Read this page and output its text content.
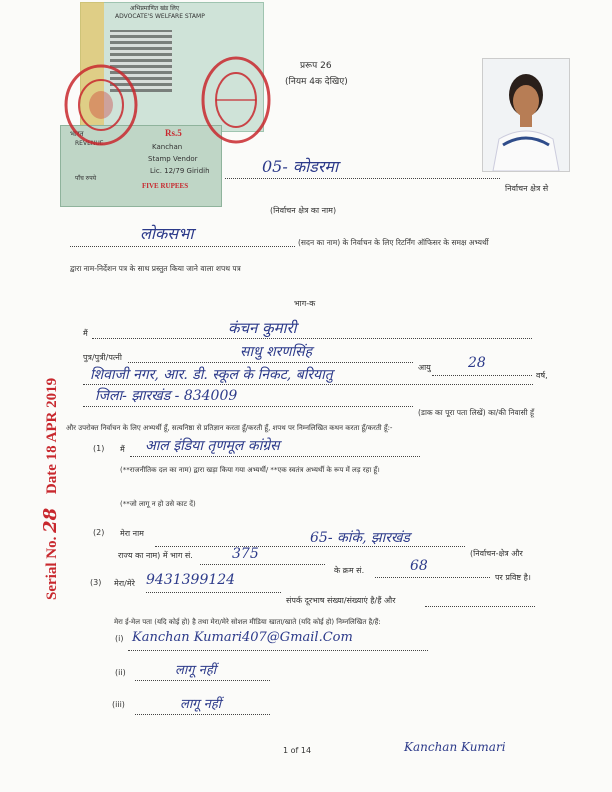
अभिप्रमाणित खंड लिए
ADVOCATE'S WELFARE STAMP
भारत	Rs.5
REVENUE	Kanchan
Stamp Vendor
Lic. 12/79 Giridih
पाँच रुपये
FIVE RUPEES
प्ररूप 26
(नियम 4क देखिए)
05- कोडरमा
निर्वाचन क्षेत्र से
(निर्वाचन क्षेत्र का नाम)
लोकसभा	(सदन का नाम) के निर्वाचन के लिए रिटर्निंग ऑफिसर के समक्ष अभ्यर्थी
द्वारा नाम-निर्देशन पत्र के साथ प्रस्तुत किया जाने वाला शपथ पत्र
भाग-क
Serial No. 28 Date 18 APR 2019
मैं	कंचन कुमारी
पुत्र/पुत्री/पत्नी	साधु शरणसिंह
आयु	28
वर्ष,
शिवाजी नगर, आर. डी. स्कूल के निकट, बरियातु
जिला- झारखंड - 834009
(डाक का पूरा पता लिखें) का/की निवासी हूँ
और उपरोक्त निर्वाचन के लिए अभ्यर्थी हूँ, सत्यनिष्ठा से प्रतिज्ञान करता हूँ/करती हूँ, शपथ पर निम्नलिखित कथन करता हूँ/करती हूँ:-
(1) मैं आल इंडिया तृणमूल कांग्रेस
(**राजनीतिक दल का नाम) द्वारा खड़ा किया गया अभ्यर्थी/ **एक स्वतंत्र अभ्यर्थी के रूप में लड़ रहा हूँ।
(**जो लागू न हो उसे काट दें)
(2) मेरा नाम	65- कांके, झारखंड
(निर्वाचन-क्षेत्र और
राज्य का नाम) में भाग सं.	375
के क्रम सं.	68
पर प्रविष्ट है।
(3) मेरा/मेरे 9431399124
संपर्क दूरभाष संख्या/संख्याएं है/हैं और
मेरा ई-मेल पता (यदि कोई हो) है तथा मेरा/मेरे सोशल मीडिया खाता/खाते (यदि कोई हो) निम्नलिखित है/हैं:
(i) Kanchan Kumari407@Gmail.Com
(ii)	लागू नहीं
(iii)	लागू नहीं
1 of 14	Kanchan Kumari
